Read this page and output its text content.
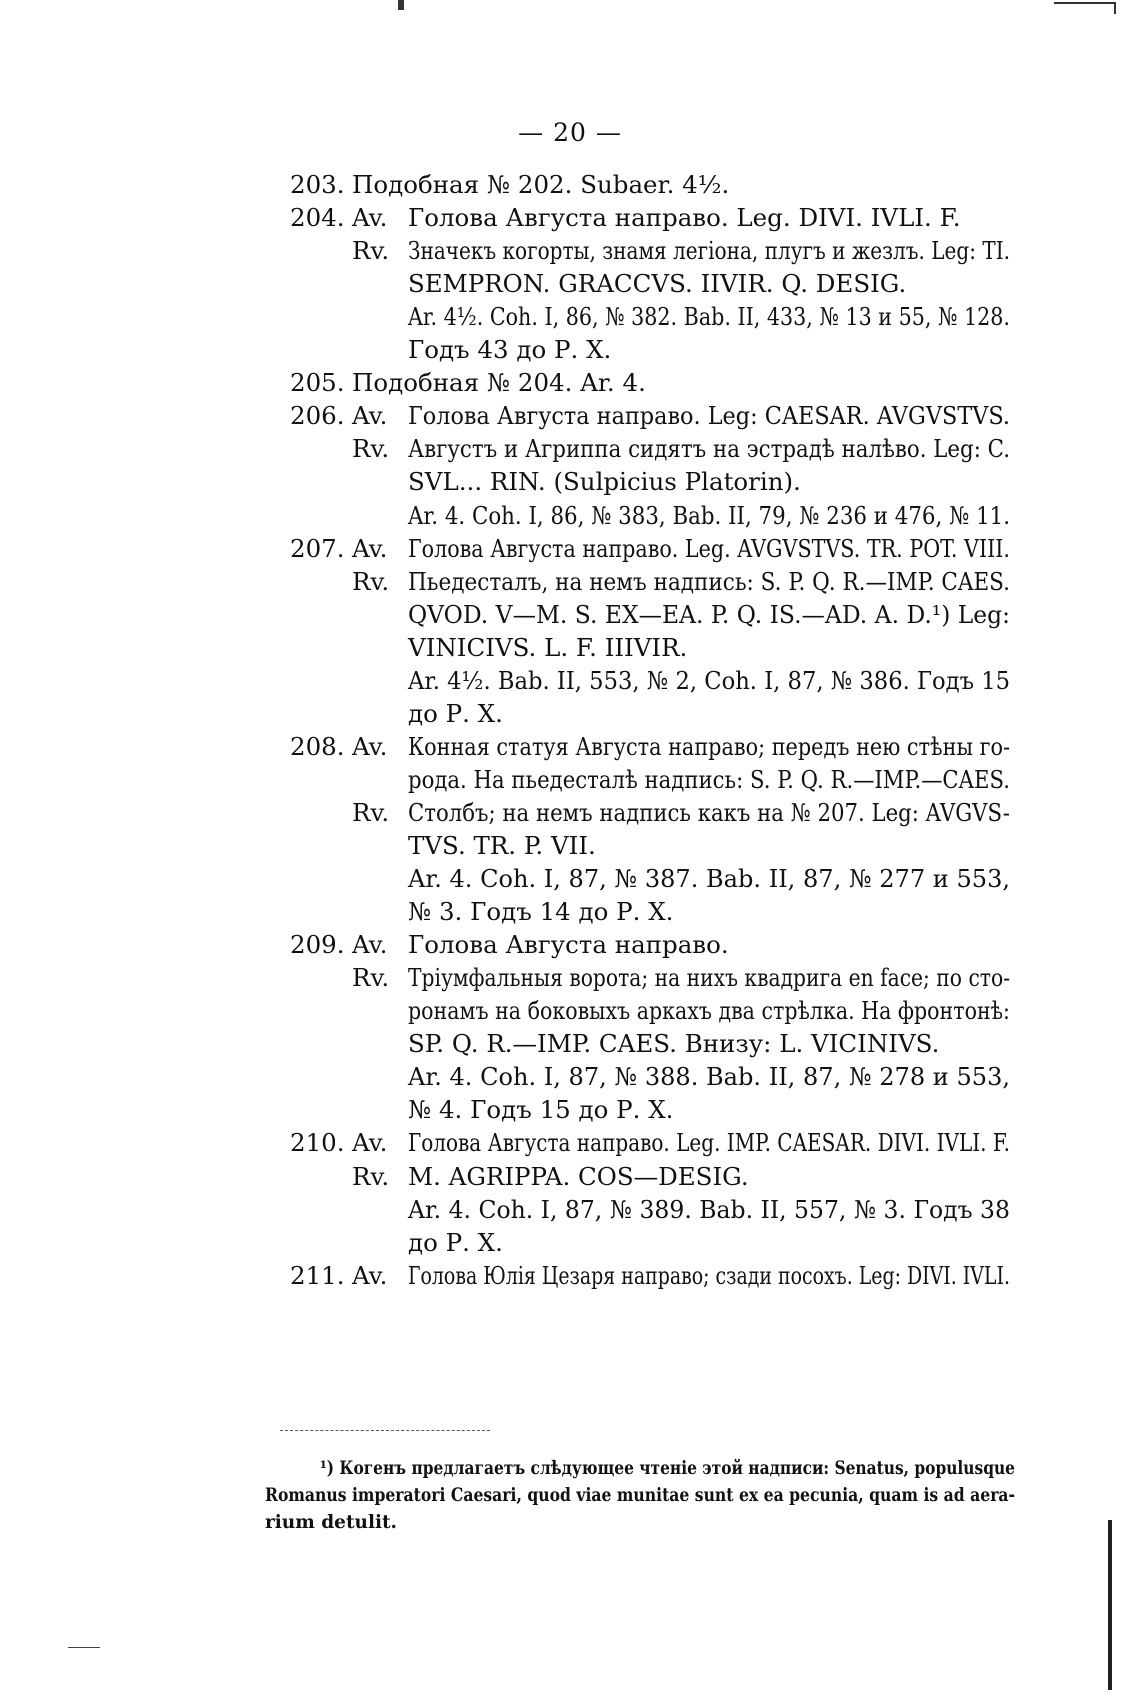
— 20 —
203. Подобная № 202. Subaer. 4½.
204. Av. Голова Августа направо. Leg. DIVI. IVLI. F.
Rv. Значекъ когорты, знамя легiона, плугъ и жезлъ. Leg: TI.
SEMPRON. GRACCVS. IIVIR. Q. DESIG.
Ar. 4½. Coh. I, 86, № 382. Bab. II, 433, № 13 и 55, № 128.
Годъ 43 до Р. Х.
205. Подобная № 204. Ar. 4.
206. Av. Голова Августа направо. Leg: CAESAR. AVGVSTVS.
Rv. Августъ и Агриппа сидятъ на эстрадѣ налѣво. Leg: C.
SVL... RIN. (Sulpicius Platorin).
Ar. 4. Coh. I, 86, № 383, Bab. II, 79, № 236 и 476, № 11.
207. Av. Голова Августа направо. Leg. AVGVSTVS. TR. POT. VIII.
Rv. Пьедесталъ, на немъ надпись: S. P. Q. R.—IMP. CAES.
QVOD. V—M. S. EX—EA. P. Q. IS.—AD. A. D.¹) Leg:
VINICIVS. L. F. IIIVIR.
Ar. 4½. Bab. II, 553, № 2, Coh. I, 87, № 386. Годъ 15
до Р. Х.
208. Av. Конная статуя Августа направо; передъ нею стѣны го-
рода. На пьедесталѣ надпись: S. P. Q. R.—IMP.—CAES.
Rv. Столбъ; на немъ надпись какъ на № 207. Leg: AVGVS-
TVS. TR. P. VII.
Ar. 4. Coh. I, 87, № 387. Bab. II, 87, № 277 и 553,
№ 3. Годъ 14 до Р. Х.
209. Av. Голова Августа направо.
Rv. Трiумфальныя ворота; на нихъ квадрига en face; по сто-
ронамъ на боковыхъ аркахъ два стрѣлка. На фронтонѣ:
SP. Q. R.—IMP. CAES. Внизу: L. VICINIVS.
Ar. 4. Coh. I, 87, № 388. Bab. II, 87, № 278 и 553,
№ 4. Годъ 15 до Р. Х.
210. Av. Голова Августа направо. Leg. IMP. CAESAR. DIVI. IVLI. F.
Rv. M. AGRIPPA. COS—DESIG.
Ar. 4. Coh. I, 87, № 389. Bab. II, 557, № 3. Годъ 38
до Р. Х.
211. Av. Голова Юлiя Цезаря направо; сзади посохъ. Leg: DIVI. IVLI.
¹) Когенъ предлагаетъ слѣдующее чтенiе этой надписи: Senatus, populusque
Romanus imperatori Caesari, quod viae munitae sunt ex ea pecunia, quam is ad aera-
rium detulit.
